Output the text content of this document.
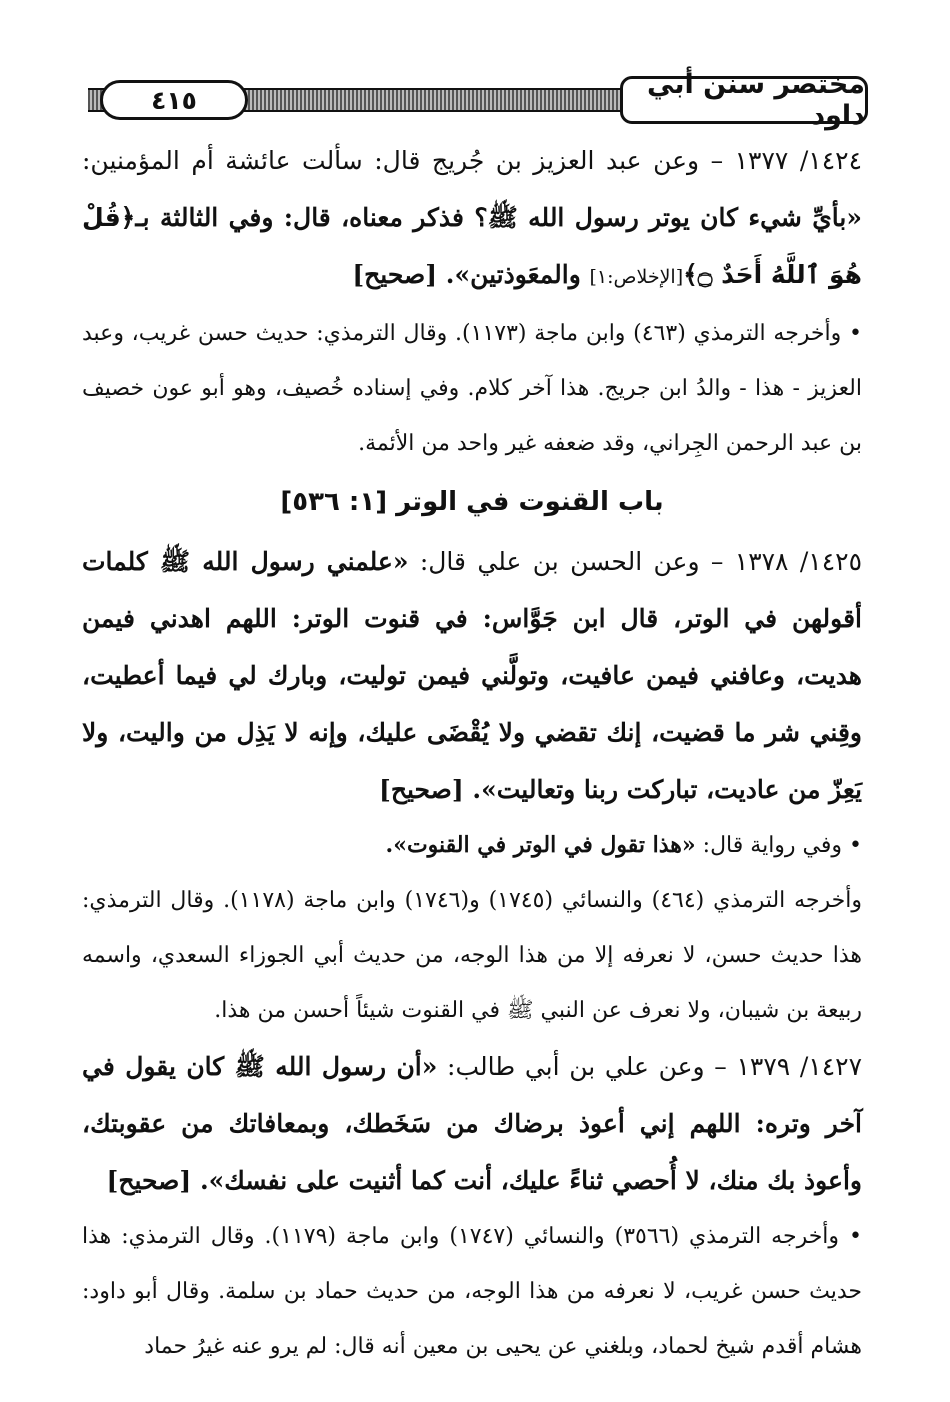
٤١٥	مختصر سنن أبي داود

١٤٢٤/ ١٣٧٧ – وعن عبد العزيز بن جُريج قال: سألت عائشة أم المؤمنين: «بأيِّ شيء كان يوتر رسول الله ﷺ؟ فذكر معناه، قال: وفي الثالثة بـ﴿قُلْ هُوَ ٱللَّهُ أَحَدٌ ۝﴾[الإخلاص:١] والمعَوذتين». [صحيح]

• وأخرجه الترمذي (٤٦٣) وابن ماجة (١١٧٣). وقال الترمذي: حديث حسن غريب، وعبد العزيز - هذا - والدُ ابن جريج. هذا آخر كلام. وفي إسناده خُصيف، وهو أبو عون خصيف بن عبد الرحمن الجِراني، وقد ضعفه غير واحد من الأئمة.

باب القنوت في الوتر [١: ٥٣٦]

١٤٢٥/ ١٣٧٨ – وعن الحسن بن علي قال: «علمني رسول الله ﷺ كلمات أقولهن في الوتر، قال ابن جَوَّاس: في قنوت الوتر: اللهم اهدني فيمن هديت، وعافني فيمن عافيت، وتولَّني فيمن توليت، وبارك لي فيما أعطيت، وقِني شر ما قضيت، إنك تقضي ولا يُقْضَى عليك، وإنه لا يَذِل من واليت، ولا يَعِزّ من عاديت، تباركت ربنا وتعاليت». [صحيح]

• وفي رواية قال: «هذا تقول في الوتر في القنوت».

وأخرجه الترمذي (٤٦٤) والنسائي (١٧٤٥) و(١٧٤٦) وابن ماجة (١١٧٨). وقال الترمذي: هذا حديث حسن، لا نعرفه إلا من هذا الوجه، من حديث أبي الجوزاء السعدي، واسمه ربيعة بن شيبان، ولا نعرف عن النبي ﷺ في القنوت شيئاً أحسن من هذا.

١٤٢٧/ ١٣٧٩ – وعن علي بن أبي طالب: «أن رسول الله ﷺ كان يقول في آخر وتره: اللهم إني أعوذ برضاك من سَخَطك، وبمعافاتك من عقوبتك، وأعوذ بك منك، لا أُحصي ثناءً عليك، أنت كما أثنيت على نفسك». [صحيح]

• وأخرجه الترمذي (٣٥٦٦) والنسائي (١٧٤٧) وابن ماجة (١١٧٩). وقال الترمذي: هذا حديث حسن غريب، لا نعرفه من هذا الوجه، من حديث حماد بن سلمة. وقال أبو داود: هشام أقدم شيخ لحماد، وبلغني عن يحيى بن معين أنه قال: لم يرو عنه غيرُ حماد
